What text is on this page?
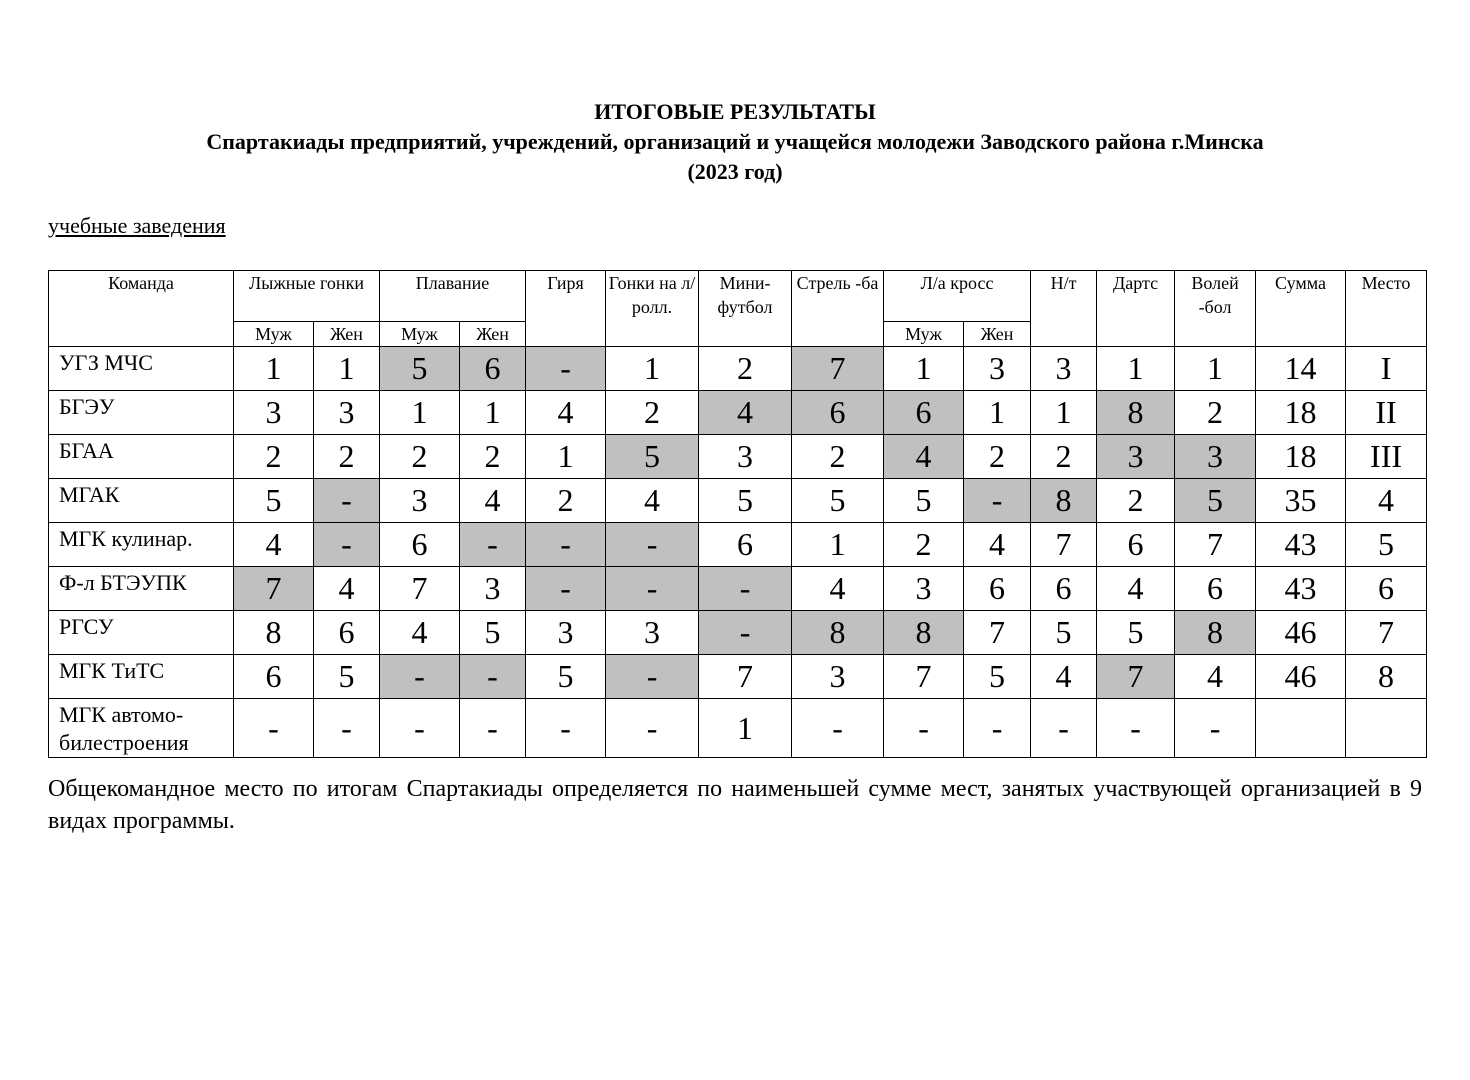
ИТОГОВЫЕ РЕЗУЛЬТАТЫ
Спартакиады предприятий, учреждений, организаций и учащейся молодежи Заводского района г.Минска
(2023 год)
учебные заведения
Команда	Лыжные гонки		Плавание		Гиря	Гонки на л/ролл.	Мини-футбол	Стрель -ба	Л/а кросс		Н/т	Дартс	Волей -бол	Сумма	Место
	Муж	Жен	Муж	Жен					Муж	Жен					
УГЗ МЧС	1	1	5	6	-	1	2	7	1	3	3	1	1	14	I
БГЭУ	3	3	1	1	4	2	4	6	6	1	1	8	2	18	II
БГАА	2	2	2	2	1	5	3	2	4	2	2	3	3	18	III
МГАК	5	-	3	4	2	4	5	5	5	-	8	2	5	35	4
МГК кулинар.	4	-	6	-	-	-	6	1	2	4	7	6	7	43	5
Ф-л БТЭУПК	7	4	7	3	-	-	-	4	3	6	6	4	6	43	6
РГСУ	8	6	4	5	3	3	-	8	8	7	5	5	8	46	7
МГК ТиТС	6	5	-	-	5	-	7	3	7	5	4	7	4	46	8
МГК автомо-билестроения	-	-	-	-	-	-	1	-	-	-	-	-	-		
Общекомандное место по итогам Спартакиады определяется по наименьшей сумме мест, занятых участвующей организацией в 9 видах программы.
